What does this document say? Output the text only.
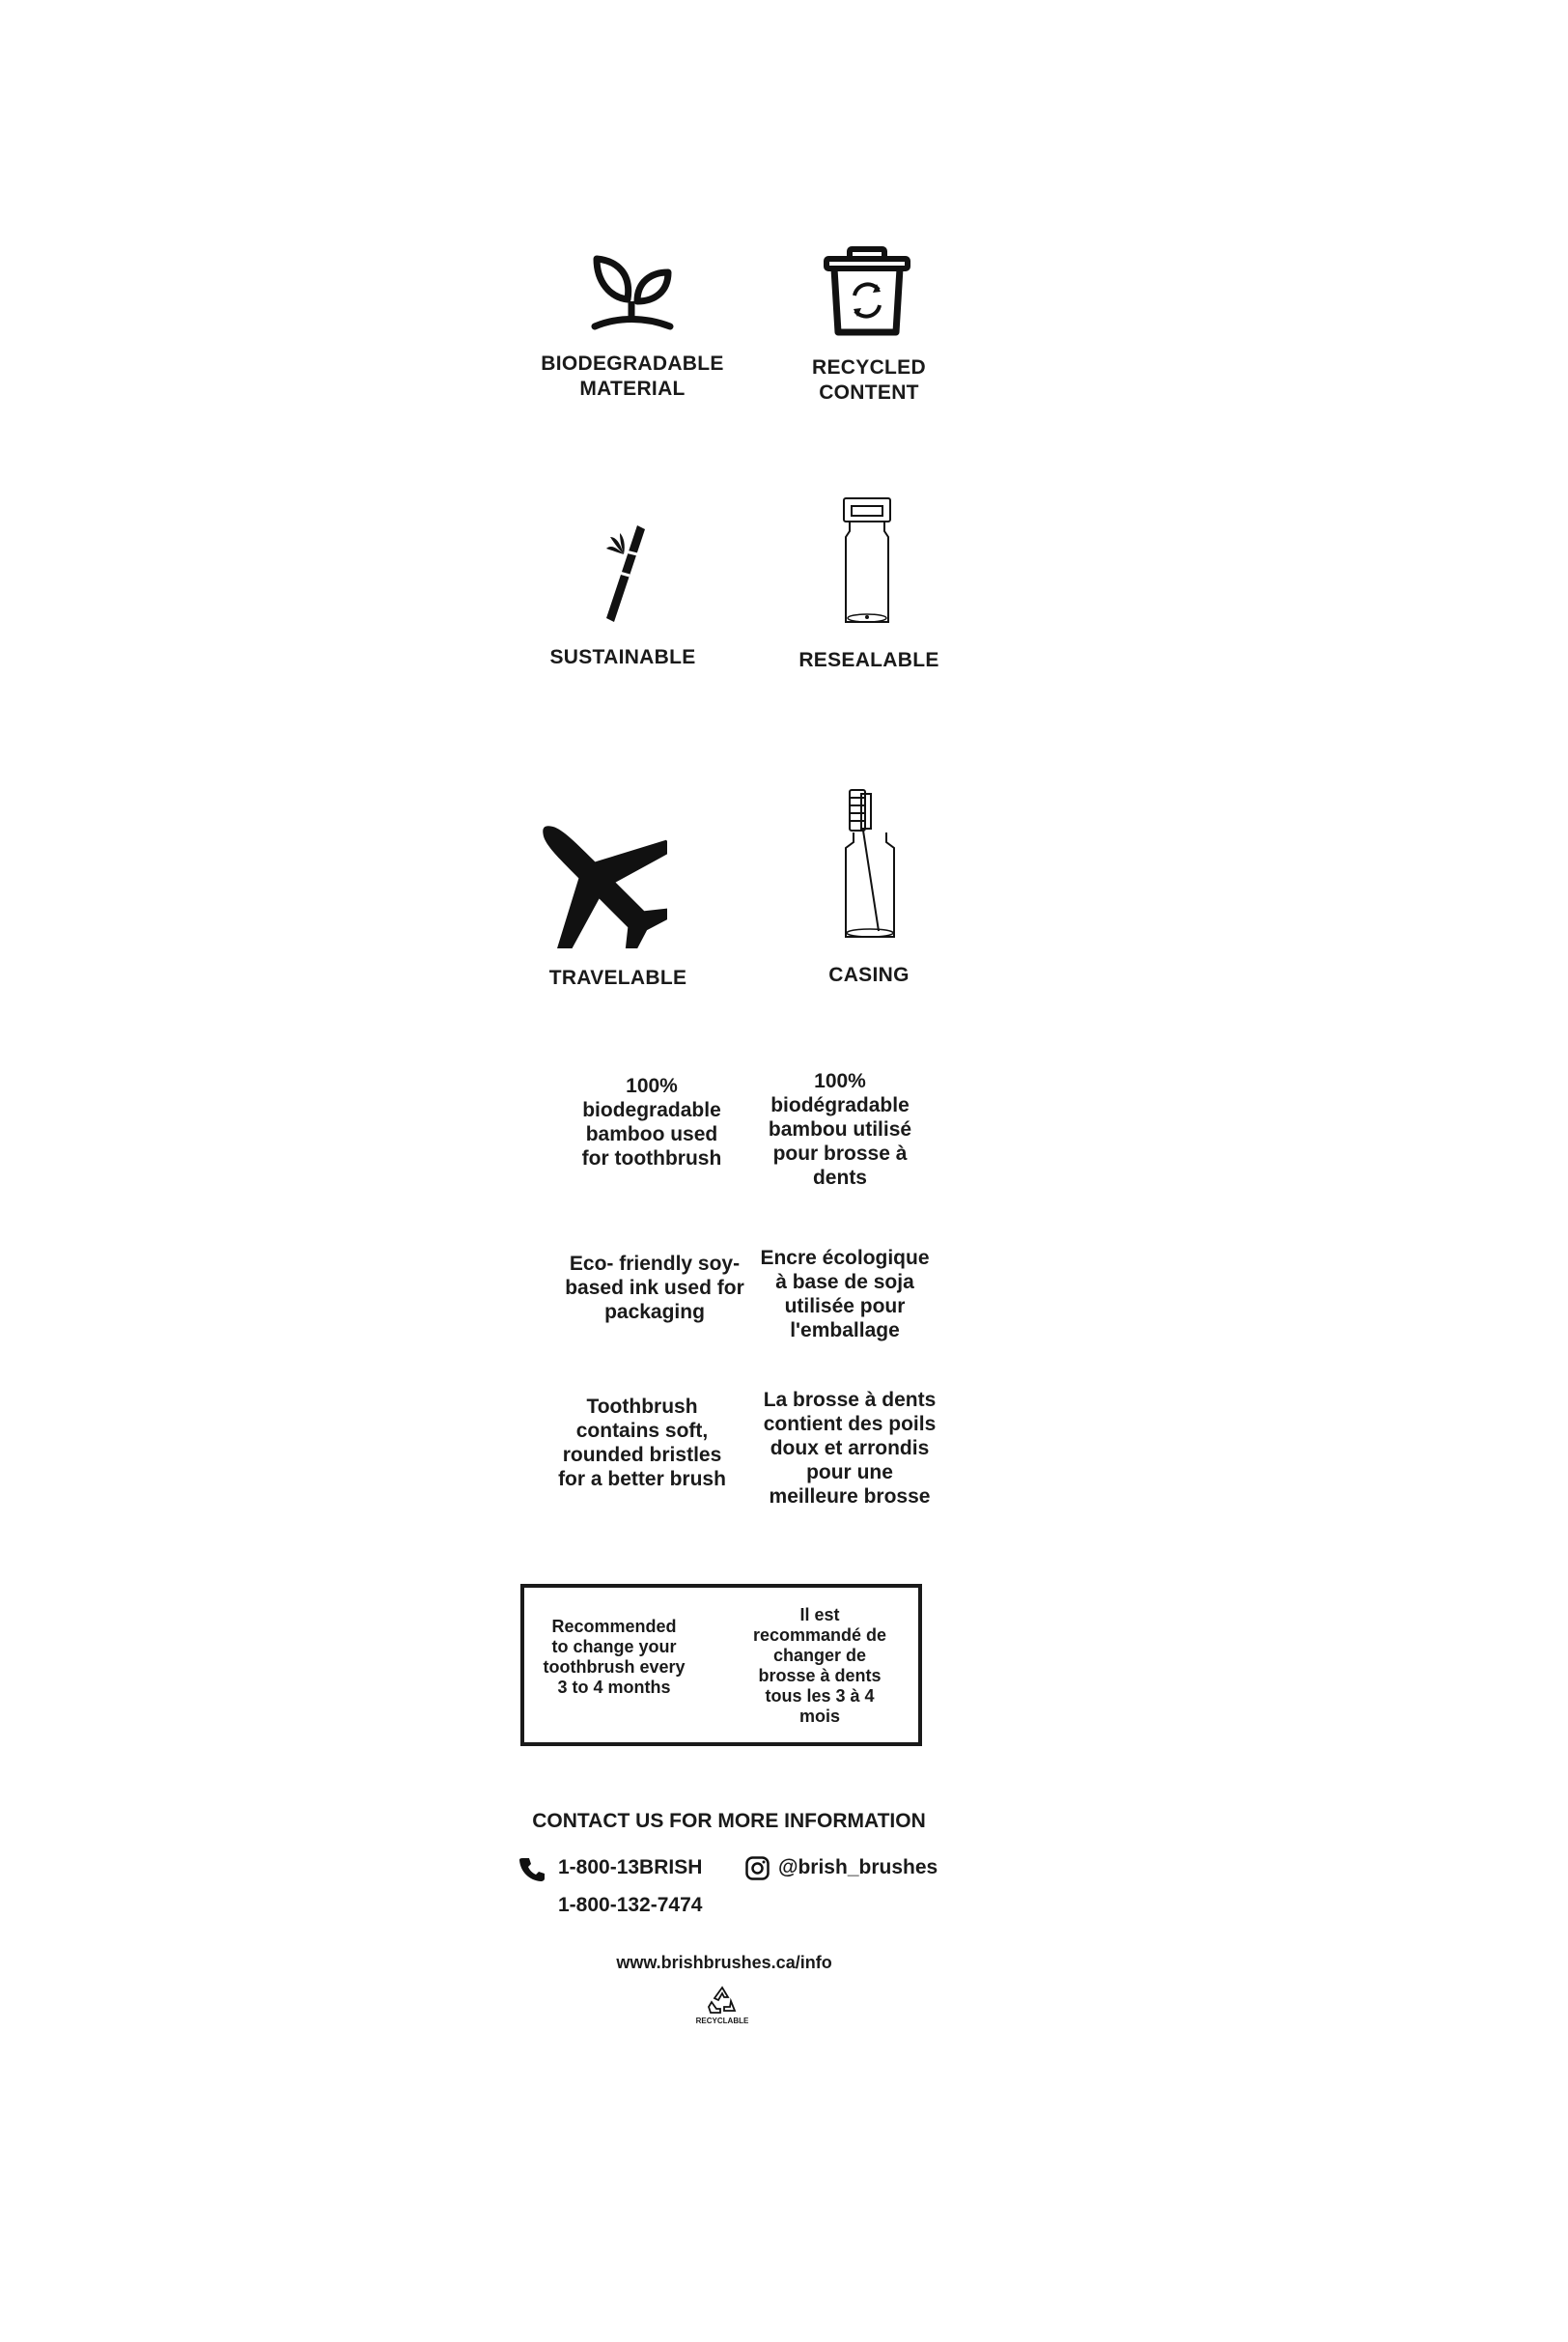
BIODEGRADABLE
MATERIAL
RECYCLED
CONTENT
SUSTAINABLE	RESEALABLE
TRAVELABLE	CASING
100%
biodegradable
bamboo used
for toothbrush
Eco- friendly soy-
based ink used for
packaging
Toothbrush
contains soft,
rounded bristles
for a better brush
100%
biodégradable
bambou utilisé
pour brosse à
dents
Encre écologique
à base de soja
utilisée pour
l'emballage
La brosse à dents
contient des poils
doux et arrondis
pour une
meilleure brosse
Recommended
to change your
toothbrush every
3 to 4 months
Il est
recommandé de
changer de
brosse à dents
tous les 3 à 4
mois
CONTACT US FOR MORE INFORMATION
1-800-13BRISH
1-800-132-7474
@brish_brushes
www.brishbrushes.ca/info
RECYCLABLE
